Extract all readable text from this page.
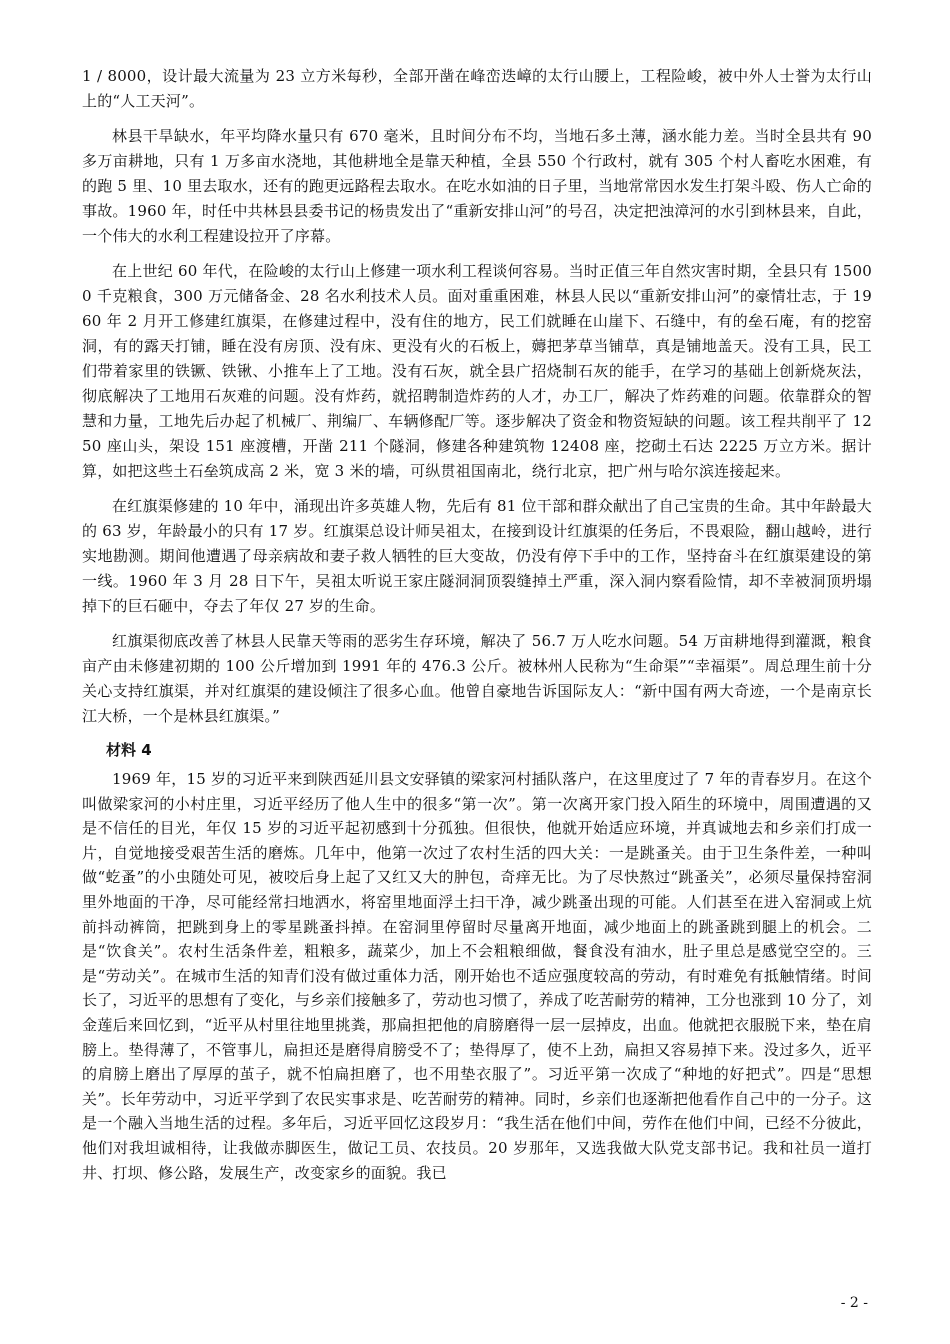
1 / 8000，设计最大流量为 23 立方米每秒，全部开凿在峰峦迭嶂的太行山腰上，工程险峻，被中外人士誉为太行山上的“人工天河”。

林县干旱缺水，年平均降水量只有 670 毫米，且时间分布不均，当地石多土薄，涵水能力差。当时全县共有 90 多万亩耕地，只有 1 万多亩水浇地，其他耕地全是靠天种植，全县 550 个行政村，就有 305 个村人畜吃水困难，有的跑 5 里、10 里去取水，还有的跑更远路程去取水。在吃水如油的日子里，当地常常因水发生打架斗殴、伤人亡命的事故。1960 年，时任中共林县县委书记的杨贵发出了“重新安排山河”的号召，决定把浊漳河的水引到林县来，自此，一个伟大的水利工程建设拉开了序幕。

在上世纪 60 年代，在险峻的太行山上修建一项水利工程谈何容易。当时正值三年自然灾害时期，全县只有 15000 千克粮食，300 万元储备金、28 名水利技术人员。面对重重困难，林县人民以“重新安排山河”的豪情壮志，于 1960 年 2 月开工修建红旗渠，在修建过程中，没有住的地方，民工们就睡在山崖下、石缝中，有的垒石庵，有的挖窑洞，有的露天打铺，睡在没有房顶、没有床、更没有火的石板上，薅把茅草当铺草，真是铺地盖天。没有工具，民工们带着家里的铁镢、铁锹、小推车上了工地。没有石灰，就全县广招烧制石灰的能手，在学习的基础上创新烧灰法，彻底解决了工地用石灰难的问题。没有炸药，就招聘制造炸药的人才，办工厂，解决了炸药难的问题。依靠群众的智慧和力量，工地先后办起了机械厂、荆编厂、车辆修配厂等。逐步解决了资金和物资短缺的问题。该工程共削平了 1250 座山头，架设 151 座渡槽，开凿 211 个隧洞，修建各种建筑物 12408 座，挖砌土石达 2225 万立方米。据计算，如把这些土石垒筑成高 2 米，宽 3 米的墙，可纵贯祖国南北，绕行北京，把广州与哈尔滨连接起来。

在红旗渠修建的 10 年中，涌现出许多英雄人物，先后有 81 位干部和群众献出了自己宝贵的生命。其中年龄最大的 63 岁，年龄最小的只有 17 岁。红旗渠总设计师吴祖太，在接到设计红旗渠的任务后，不畏艰险，翻山越岭，进行实地勘测。期间他遭遇了母亲病故和妻子救人牺牲的巨大变故，仍没有停下手中的工作，坚持奋斗在红旗渠建设的第一线。1960 年 3 月 28 日下午，吴祖太听说王家庄隧洞洞顶裂缝掉土严重，深入洞内察看险情，却不幸被洞顶坍塌掉下的巨石砸中，夺去了年仅 27 岁的生命。

红旗渠彻底改善了林县人民靠天等雨的恶劣生存环境，解决了 56.7 万人吃水问题。54 万亩耕地得到灌溉，粮食亩产由未修建初期的 100 公斤增加到 1991 年的 476.3 公斤。被林州人民称为“生命渠”“幸福渠”。周总理生前十分关心支持红旗渠，并对红旗渠的建设倾注了很多心血。他曾自豪地告诉国际友人：“新中国有两大奇迹，一个是南京长江大桥，一个是林县红旗渠。”

材料 4

1969 年，15 岁的习近平来到陕西延川县文安驿镇的梁家河村插队落户，在这里度过了 7 年的青春岁月。在这个叫做梁家河的小村庄里，习近平经历了他人生中的很多“第一次”。第一次离开家门投入陌生的环境中，周围遭遇的又是不信任的目光，年仅 15 岁的习近平起初感到十分孤独。但很快，他就开始适应环境，并真诚地去和乡亲们打成一片，自觉地接受艰苦生活的磨炼。几年中，他第一次过了农村生活的四大关：一是跳蚤关。由于卫生条件差，一种叫做“虼蚤”的小虫随处可见，被咬后身上起了又红又大的肿包，奇痒无比。为了尽快熬过“跳蚤关”，必须尽量保持窑洞里外地面的干净，尽可能经常扫地洒水，将窑里地面浮土扫干净，减少跳蚤出现的可能。人们甚至在进入窑洞或上炕前抖动裤筒，把跳到身上的零星跳蚤抖掉。在窑洞里停留时尽量离开地面，减少地面上的跳蚤跳到腿上的机会。二是“饮食关”。农村生活条件差，粗粮多，蔬菜少，加上不会粗粮细做，餐食没有油水，肚子里总是感觉空空的。三是“劳动关”。在城市生活的知青们没有做过重体力活，刚开始也不适应强度较高的劳动，有时难免有抵触情绪。时间长了，习近平的思想有了变化，与乡亲们接触多了，劳动也习惯了，养成了吃苦耐劳的精神，工分也涨到 10 分了，刘金莲后来回忆到，“近平从村里往地里挑粪，那扁担把他的肩膀磨得一层一层掉皮，出血。他就把衣服脱下来，垫在肩膀上。垫得薄了，不管事儿，扁担还是磨得肩膀受不了；垫得厚了，使不上劲，扁担又容易掉下来。没过多久，近平的肩膀上磨出了厚厚的茧子，就不怕扁担磨了，也不用垫衣服了”。习近平第一次成了“种地的好把式”。四是“思想关”。长年劳动中，习近平学到了农民实事求是、吃苦耐劳的精神。同时，乡亲们也逐渐把他看作自己中的一分子。这是一个融入当地生活的过程。多年后，习近平回忆这段岁月：“我生活在他们中间，劳作在他们中间，已经不分彼此，他们对我坦诚相待，让我做赤脚医生，做记工员、农技员。20 岁那年，又选我做大队党支部书记。我和社员一道打井、打坝、修公路，发展生产，改变家乡的面貌。我已

- 2 -
